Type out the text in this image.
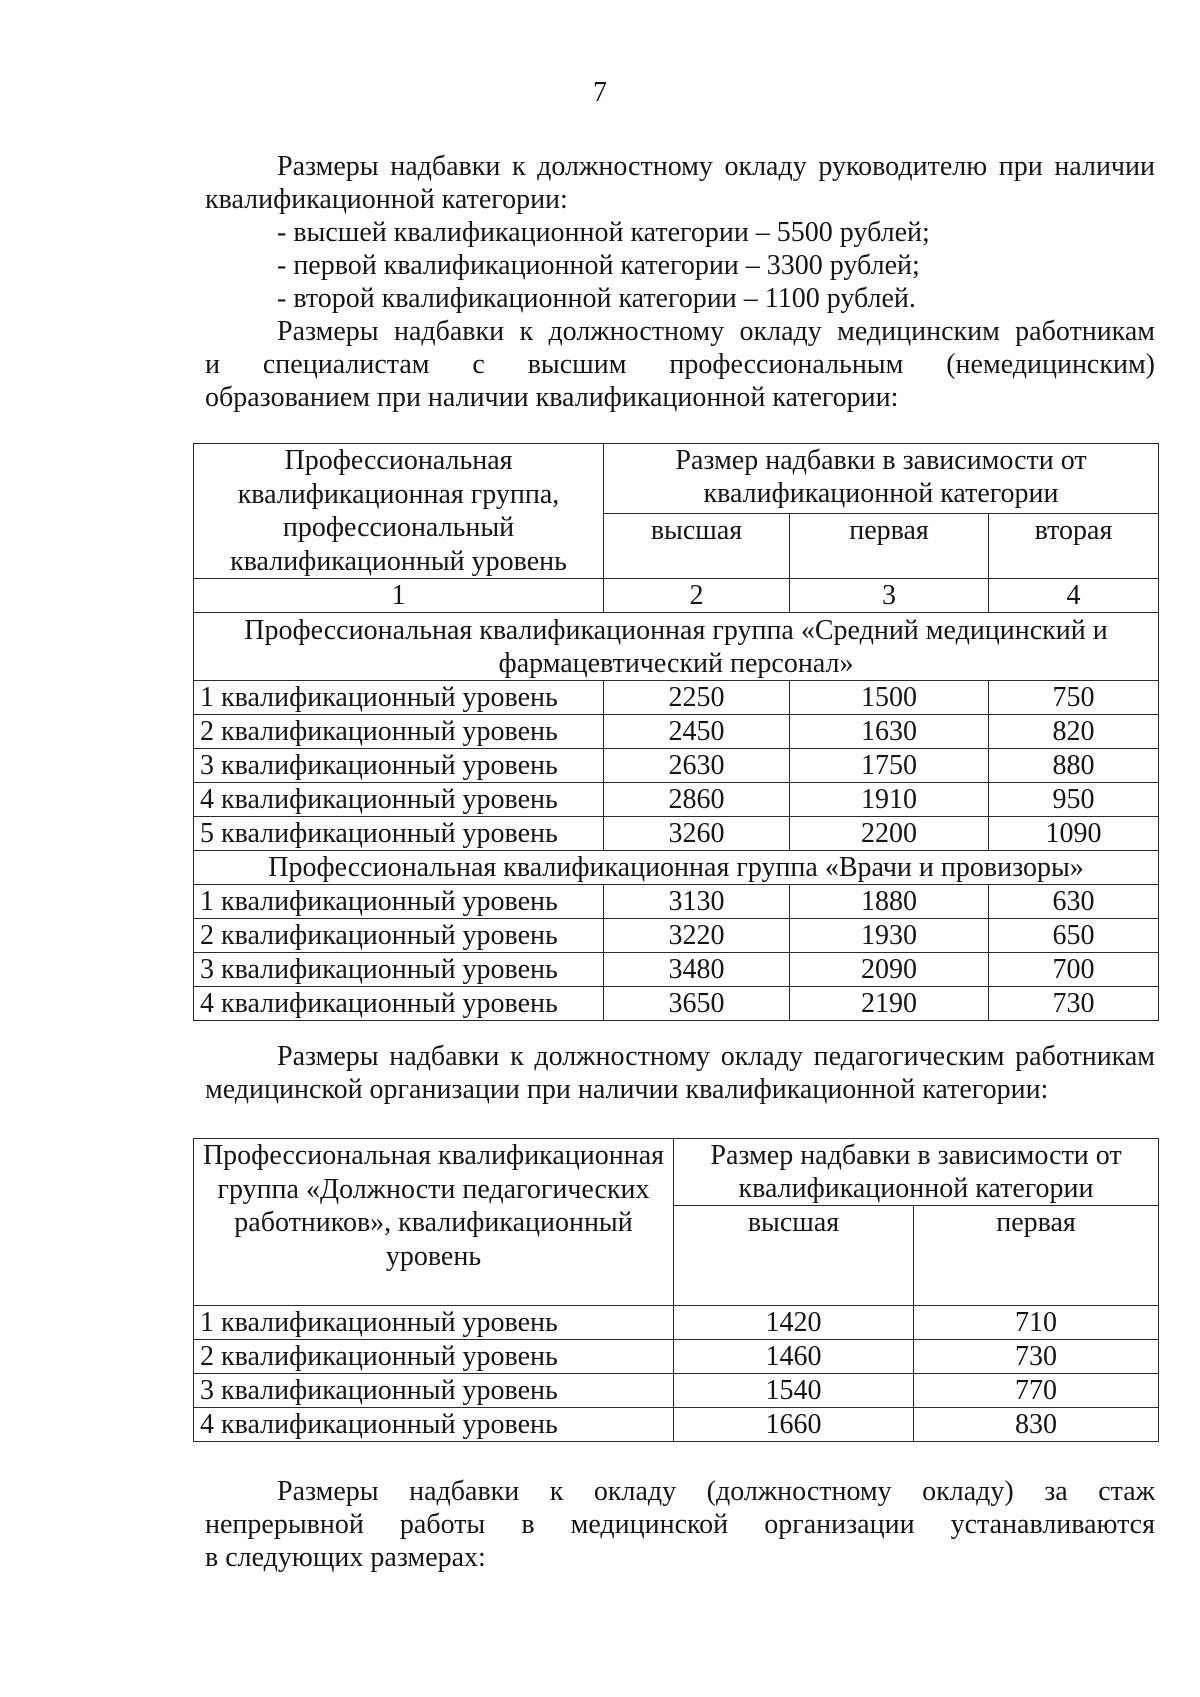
7

Размеры надбавки к должностному окладу руководителю при наличии

квалификационной категории:

- высшей квалификационной категории – 5500 рублей;

- первой квалификационной категории – 3300 рублей;

- второй квалификационной категории – 1100 рублей.

Размеры надбавки к должностному окладу медицинским работникам

и специалистам с высшим профессиональным (немедицинским)

образованием при наличии квалификационной категории:

Профессиональная квалификационная группа, профессиональный квалификационный уровень	Размер надбавки в зависимости от квалификационной категории		
	высшая	первая	вторая
1	2	3	4
Профессиональная квалификационная группа «Средний медицинский и фармацевтический персонал»			
1 квалификационный уровень	2250	1500	750
2 квалификационный уровень	2450	1630	820
3 квалификационный уровень	2630	1750	880
4 квалификационный уровень	2860	1910	950
5 квалификационный уровень	3260	2200	1090
Профессиональная квалификационная группа «Врачи и провизоры»			
1 квалификационный уровень	3130	1880	630
2 квалификационный уровень	3220	1930	650
3 квалификационный уровень	3480	2090	700
4 квалификационный уровень	3650	2190	730

Размеры надбавки к должностному окладу педагогическим работникам

медицинской организации при наличии квалификационной категории:

Профессиональная квалификационная группа «Должности педагогических работников», квалификационный уровень	Размер надбавки в зависимости от квалификационной категории	
	высшая	первая
1 квалификационный уровень	1420	710
2 квалификационный уровень	1460	730
3 квалификационный уровень	1540	770
4 квалификационный уровень	1660	830

Размеры надбавки к окладу (должностному окладу) за стаж

непрерывной работы в медицинской организации устанавливаются

в следующих размерах:
